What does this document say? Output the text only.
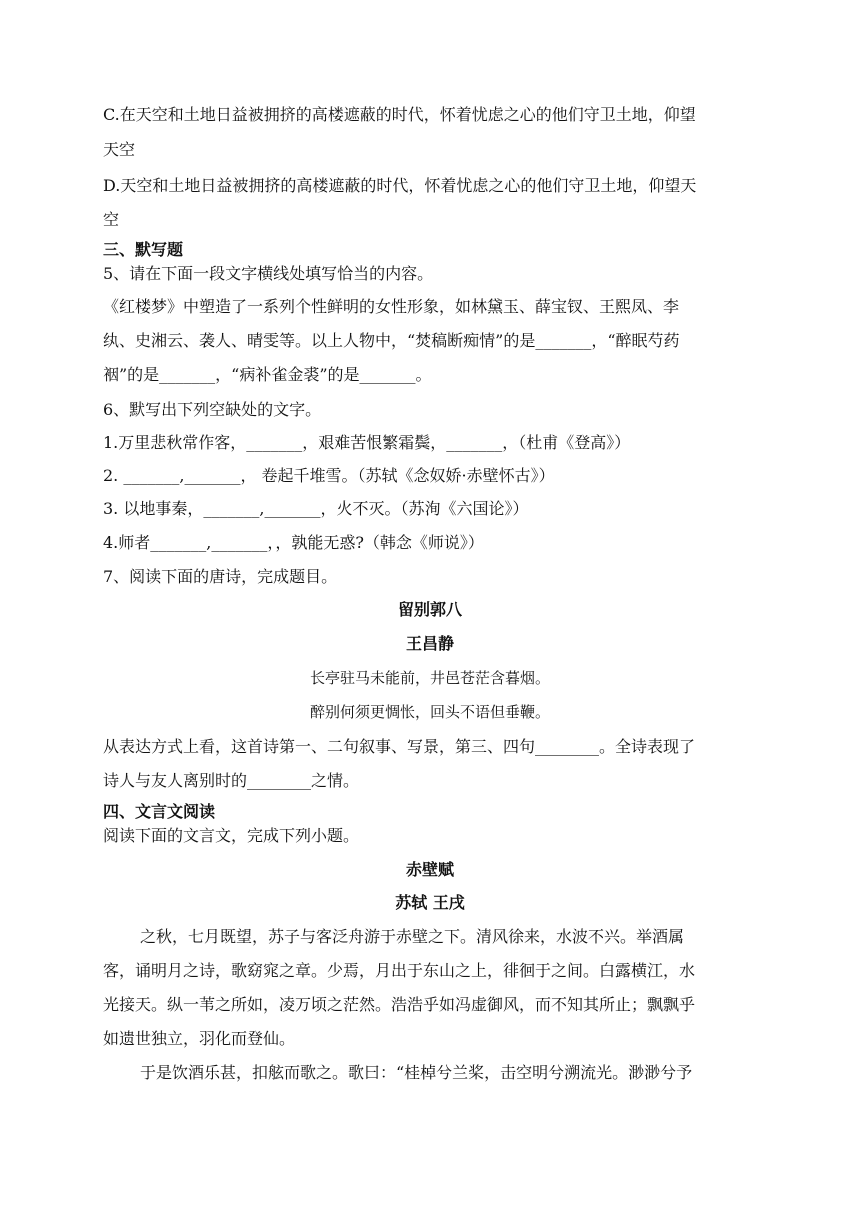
C.在天空和土地日益被拥挤的高楼遮蔽的时代，怀着忧虑之心的他们守卫土地，仰望
天空
D.天空和土地日益被拥挤的高楼遮蔽的时代，怀着忧虑之心的他们守卫土地，仰望天
空
三、默写题
5、请在下面一段文字横线处填写恰当的内容。
《红楼梦》中塑造了一系列个性鲜明的女性形象，如林黛玉、薛宝钗、王熙凤、李
纨、史湘云、袭人、晴雯等。以上人物中，“焚稿断痴情”的是_______，“醉眠芍药
裀”的是_______，“病补雀金裘”的是_______。
6、默写出下列空缺处的文字。
1.万里悲秋常作客，_______，艰难苦恨繁霜鬓，_______，（杜甫《登高》）
2. _______,_______， 卷起千堆雪。（苏轼《念奴娇·赤壁怀古》）
3. 以地事秦，_______,_______，火不灭。（苏洵《六国论》）
4.师者_______,_______，，孰能无惑?（韩念《师说》）
7、阅读下面的唐诗，完成题目。
留别郭八
王昌静
长亭驻马未能前，井邑苍茫含暮烟。
醉别何须更惆怅，回头不语但垂鞭。
从表达方式上看，这首诗第一、二句叙事、写景，第三、四句________。全诗表现了
诗人与友人离别时的________之情。
四、文言文阅读
阅读下面的文言文，完成下列小题。
赤壁赋
苏轼 王戌
之秋，七月既望，苏子与客泛舟游于赤壁之下。清风徐来，水波不兴。举酒属
客，诵明月之诗，歌窈窕之章。少焉，月出于东山之上，徘徊于之间。白露横江，水
光接天。纵一苇之所如，凌万顷之茫然。浩浩乎如冯虚御风，而不知其所止；飘飘乎
如遗世独立，羽化而登仙。
于是饮酒乐甚，扣舷而歌之。歌曰：“桂棹兮兰桨，击空明兮溯流光。渺渺兮予
